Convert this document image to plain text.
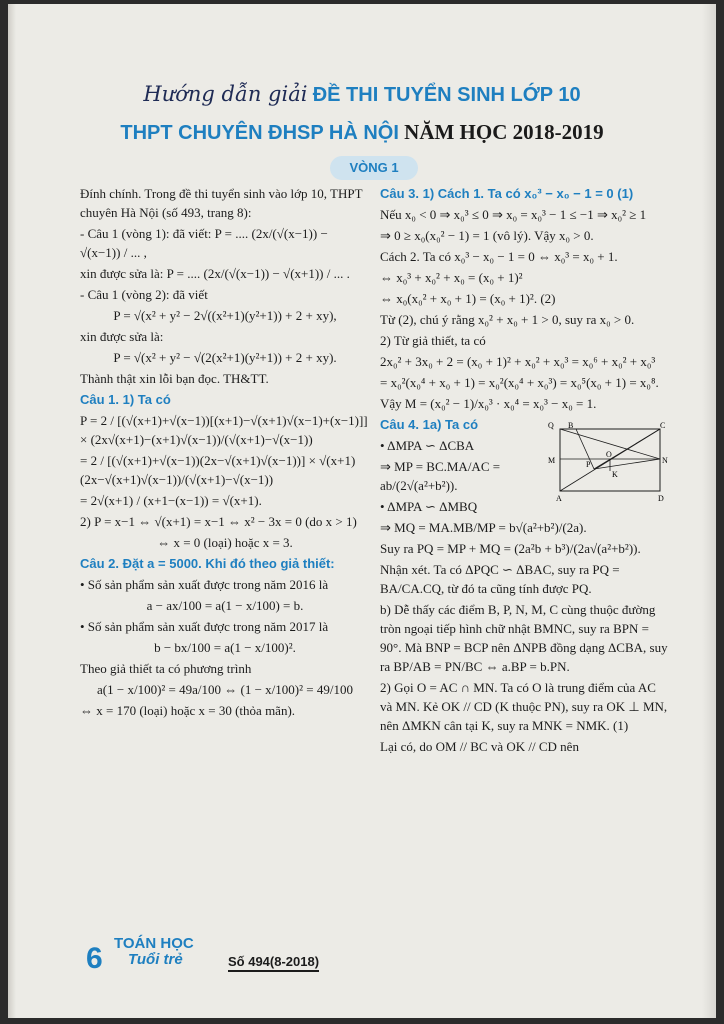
Hướng dẫn giải ĐỀ THI TUYỂN SINH LỚP 10
THPT CHUYÊN ĐHSP HÀ NỘI NĂM HỌC 2018-2019
VÒNG 1

Đính chính. Trong đề thi tuyển sinh vào lớp 10, THPT chuyên Hà Nội (số 493, trang 8):

- Câu 1 (vòng 1): đã viết: P = .... (2x/(√(x−1)) − √(x−1)) / ... ,

xin được sửa là: P = .... (2x/(√(x−1)) − √(x+1)) / ... .

- Câu 1 (vòng 2): đã viết

P = √(x² + y² − 2√((x²+1)(y²+1)) + 2 + xy),

xin được sửa là:

P = √(x² + y² − √(2(x²+1)(y²+1)) + 2 + xy).

Thành thật xin lỗi bạn đọc. TH&TT.

Câu 1. 1) Ta có

P = 2 / [(√(x+1)+√(x−1))[(x+1)−√(x+1)√(x−1)+(x−1)]] × (2x√(x+1)−(x+1)√(x−1))/(√(x+1)−√(x−1))

= 2 / [(√(x+1)+√(x−1))(2x−√(x+1)√(x−1))] × √(x+1)(2x−√(x+1)√(x−1))/(√(x+1)−√(x−1))

= 2√(x+1) / (x+1−(x−1)) = √(x+1).

2) P = x−1 ⇔ √(x+1) = x−1 ⇔ x² − 3x = 0 (do x > 1)

⇔ x = 0 (loại) hoặc x = 3.

Câu 2. Đặt a = 5000. Khi đó theo giả thiết:

• Số sản phẩm sản xuất được trong năm 2016 là

a − ax/100 = a(1 − x/100) = b.

• Số sản phẩm sản xuất được trong năm 2017 là

b − bx/100 = a(1 − x/100)².

Theo giả thiết ta có phương trình

a(1 − x/100)² = 49a/100 ⇔ (1 − x/100)² = 49/100

⇔ x = 170 (loại) hoặc x = 30 (thỏa mãn).

Câu 3. 1) Cách 1. Ta có x₀³ − x₀ − 1 = 0 (1)

Nếu x₀ < 0 ⇒ x₀³ ≤ 0 ⇒ x₀ = x₀³ − 1 ≤ −1 ⇒ x₀² ≥ 1

⇒ 0 ≥ x₀(x₀² − 1) = 1 (vô lý). Vậy x₀ > 0.

Cách 2. Ta có x₀³ − x₀ − 1 = 0 ⇔ x₀³ = x₀ + 1.

⇔ x₀³ + x₀² + x₀ = (x₀ + 1)²

⇔ x₀(x₀² + x₀ + 1) = (x₀ + 1)². (2)

Từ (2), chú ý rằng x₀² + x₀ + 1 > 0, suy ra x₀ > 0.

2) Từ giả thiết, ta có

2x₀² + 3x₀ + 2 = (x₀ + 1)² + x₀² + x₀³ = x₀⁶ + x₀² + x₀³

= x₀²(x₀⁴ + x₀ + 1) = x₀²(x₀⁴ + x₀³) = x₀⁵(x₀ + 1) = x₀⁸.

Vậy M = (x₀² − 1)/x₀³ · x₀⁴ = x₀³ − x₀ = 1.

Q B	C
M	P
O
N
K
A	D

Câu 4. 1a) Ta có

• ΔMPA ∽ ΔCBA

⇒ MP = BC.MA/AC = ab/(2√(a²+b²)).

• ΔMPA ∽ ΔMBQ

⇒ MQ = MA.MB/MP = b√(a²+b²)/(2a).

Suy ra PQ = MP + MQ = (2a²b + b³)/(2a√(a²+b²)).

Nhận xét. Ta có ΔPQC ∽ ΔBAC, suy ra PQ = BA/CA.CQ, từ đó ta cũng tính được PQ.

b) Dễ thấy các điểm B, P, N, M, C cùng thuộc đường tròn ngoại tiếp hình chữ nhật BMNC, suy ra BPN = 90°. Mà BNP = BCP nên ΔNPB đồng dạng ΔCBA, suy ra BP/AB = PN/BC ⇔ a.BP = b.PN.

2) Gọi O = AC ∩ MN. Ta có O là trung điểm của AC và MN. Kẻ OK // CD (K thuộc PN), suy ra OK ⊥ MN, nên ΔMKN cân tại K, suy ra MNK = NMK. (1)

Lại có, do OM // BC và OK // CD nên

6 TOÁN HỌC
Tuổi trẻ	Số 494(8-2018)
